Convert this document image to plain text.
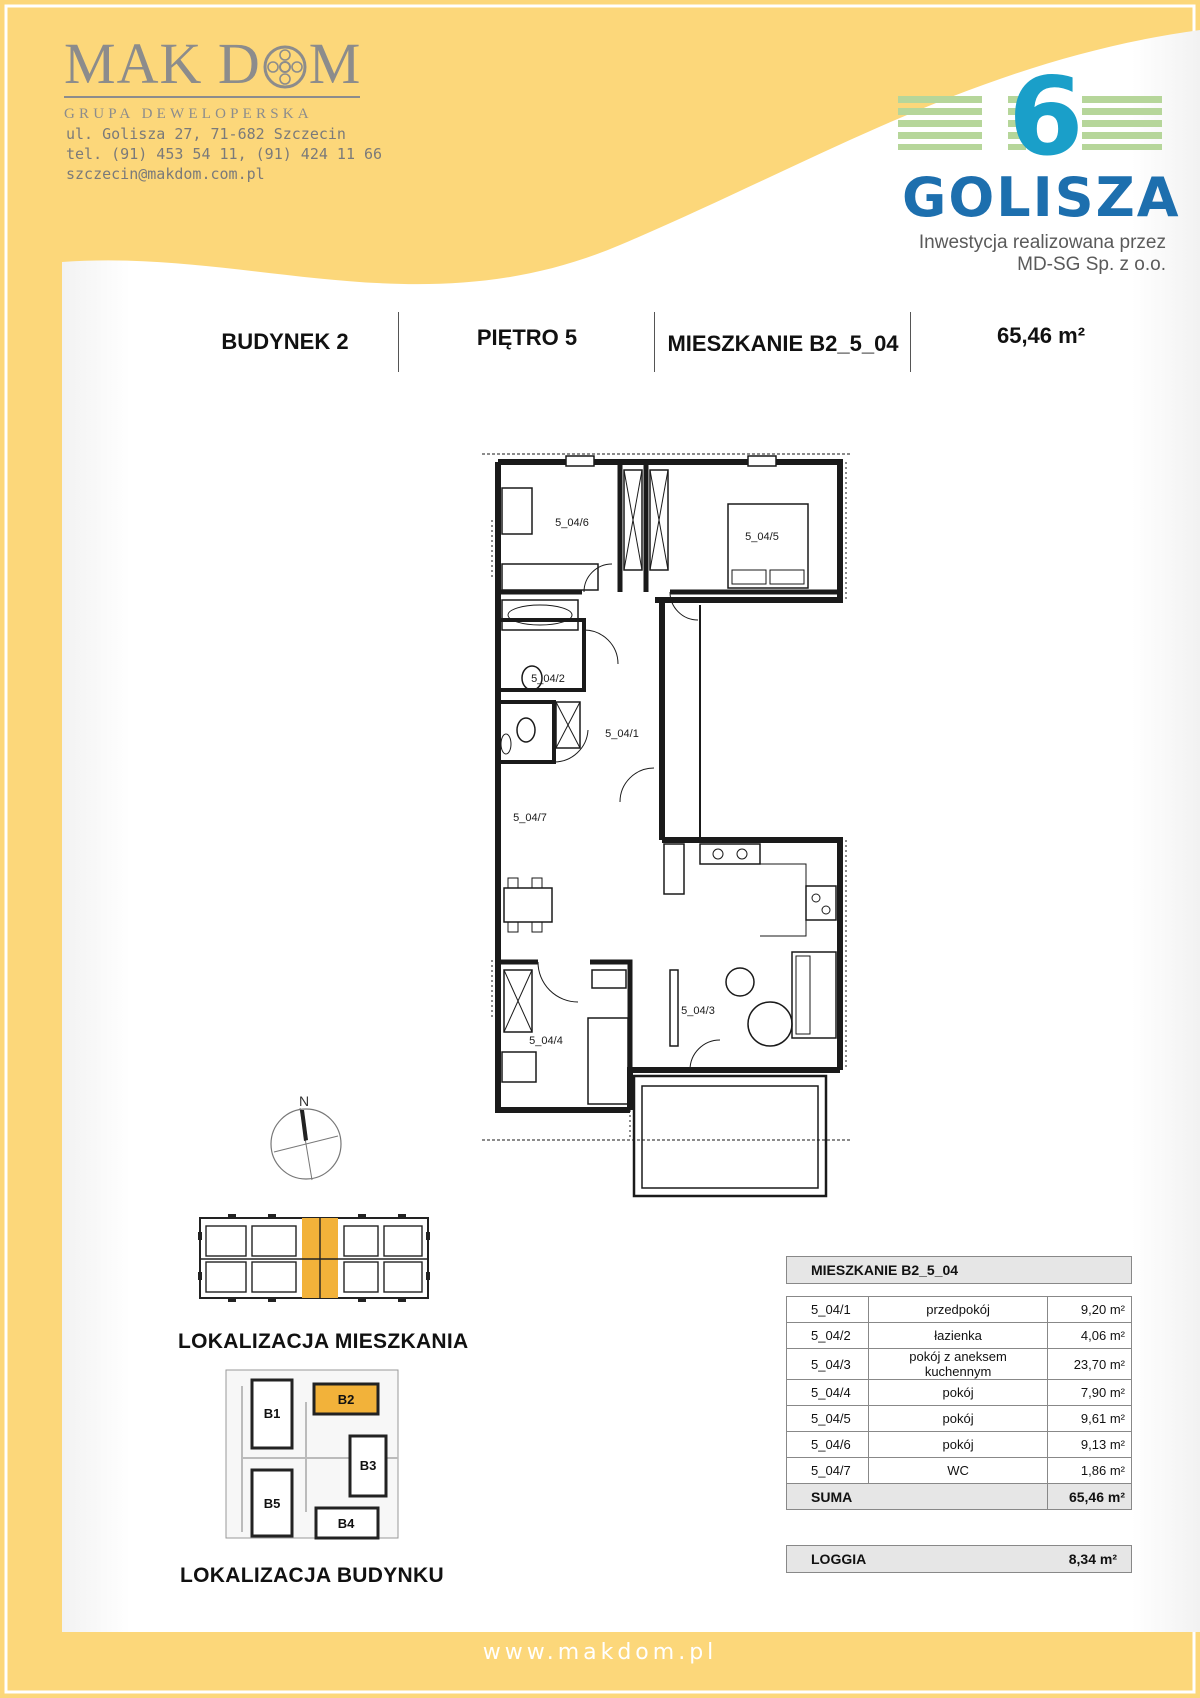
MAK D M
GRUPA DEWELOPERSKA
ul. Golisza 27, 71-682 Szczecin
tel. (91) 453 54 11, (91) 424 11 66
szczecin@makdom.com.pl	6
GOLISZA
Inwestycja realizowana przez
MD-SG Sp. z o.o.
BUDYNEK 2	PIĘTRO 5	MIESZKANIE B2_5_04	65,46 m²
5_04/6
5_04/5
5_04/2
5_04/1
5_04/7
5_04/3
5_04/4
N
LOKALIZACJA MIESZKANIA
B1
B2
B3
B4
B5
LOKALIZACJA BUDYNKU
MIESZKANIE B2_5_04
5_04/1	przedpokój	9,20 m²
5_04/2	łazienka	4,06 m²
5_04/3	pokój z aneksem kuchennym	23,70 m²
5_04/4	pokój	7,90 m²
5_04/5	pokój	9,61 m²
5_04/6	pokój	9,13 m²
5_04/7	WC	1,86 m²
SUMA		65,46 m²
LOGGIA	8,34 m²
www.makdom.pl
